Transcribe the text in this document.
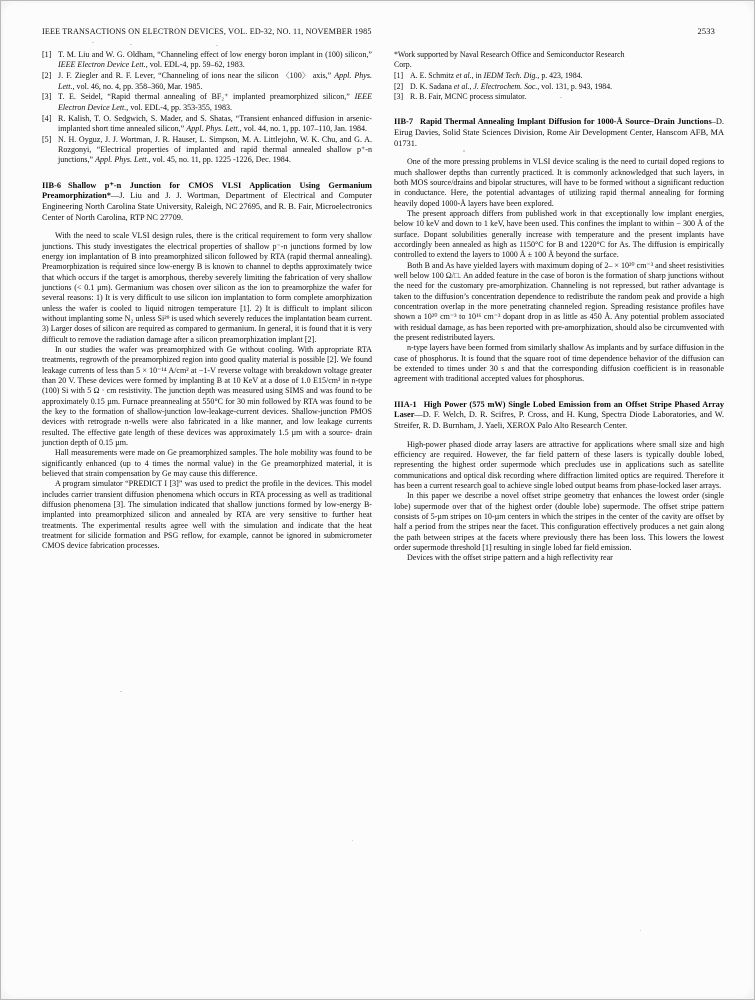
IEEE TRANSACTIONS ON ELECTRON DEVICES, VOL. ED-32, NO. 11, NOVEMBER 1985	2533
[1] T. M. Liu and W. G. Oldham, “Channeling effect of low energy boron implant in (100) silicon,” IEEE Electron Device Lett., vol. EDL-4, pp. 59–62, 1983.
[2] J. F. Ziegler and R. F. Lever, “Channeling of ions near the silicon 〈100〉 axis,” Appl. Phys. Lett., vol. 46, no. 4, pp. 358–360, Mar. 1985.
[3] T. E. Seidel, “Rapid thermal annealing of BF₂⁺ implanted preamorphized silicon,” IEEE Electron Device Lett., vol. EDL-4, pp. 353-355, 1983.
[4] R. Kalish, T. O. Sedgwich, S. Mader, and S. Shatas, “Transient enhanced diffusion in arsenic-implanted short time annealed silicon,” Appl. Phys. Lett., vol. 44, no. 1, pp. 107–110, Jan. 1984.
[5] N. H. Oyguz, J. J. Wortman, J. R. Hauser, L. Simpson, M. A. Littlejohn, W. K. Chu, and G. A. Rozgonyi, “Electrical properties of implanted and rapid thermal annealed shallow p⁺-n junctions,” Appl. Phys. Lett., vol. 45, no. 11, pp. 1225 -1226, Dec. 1984.

IIB-6 Shallow p⁺-n Junction for CMOS VLSI Application Using Germanium Preamorphization*—J. Liu and J. J. Wortman, Department of Electrical and Computer Engineering North Carolina State University, Raleigh, NC 27695, and R. B. Fair, Microelectronics Center of North Carolina, RTP NC 27709.

With the need to scale VLSI design rules, there is the critical requirement to form very shallow junctions. This study investigates the electrical properties of shallow p⁻-n junctions formed by low energy ion implantation of B into preamorphized silicon followed by RTA (rapid thermal annealing). Preamorphization is required since low-energy B is known to channel to depths approximately twice that which occurs if the target is amorphous, thereby severely limiting the fabrication of very shallow junctions (< 0.1 µm). Germanium was chosen over silicon as the ion to preamorphize the wafer for several reasons: 1) It is very difficult to use silicon ion implantation to form complete amorphization unless the wafer is cooled to liquid nitrogen temperature [1]. 2) It is difficult to implant silicon without implanting some N₂ unless Si²⁹ is used which severely reduces the implantation beam current. 3) Larger doses of silicon are required as compared to germanium. In general, it is found that it is very difficult to remove the radiation damage after a silicon preamorphization implant [2].

In our studies the wafer was preamorphized with Ge without cooling. With appropriate RTA treatments, regrowth of the preamorphized region into good quality material is possible [2]. We found leakage currents of less than 5 × 10⁻¹⁴ A/cm² at −1-V reverse voltage with breakdown voltage greater than 20 V. These devices were formed by implanting B at 10 KeV at a dose of 1.0 E15/cm² in n-type (100) Si with 5 Ω · cm resistivity. The junction depth was measured using SIMS and was found to be approximately 0.15 µm. Furnace preannealing at 550°C for 30 min followed by RTA was found to be the key to the formation of shallow-junction low-leakage-current devices. Shallow-junction PMOS devices with retrograde n-wells were also fabricated in a like manner, and low leakage currents resulted. The effective gate length of these devices was approximately 1.5 µm with a source- drain junction depth of 0.15 µm.

Hall measurements were made on Ge preamorphized samples. The hole mobility was found to be significantly enhanced (up to 4 times the normal value) in the Ge preamorphized material, it is believed that strain compensation by Ge may cause this difference.

A program simulator “PREDICT I [3]” was used to predict the profile in the devices. This model includes carrier transient diffusion phenomena which occurs in RTA processing as well as traditional diffusion phenomena [3]. The simulation indicated that shallow junctions formed by low-energy B-implanted into preamorphized silicon and annealed by RTA are very sensitive to further heat treatments. The experimental results agree well with the simulation and indicate that the heat treatment for silicide formation and PSG reflow, for example, cannot be ignored in submicrometer CMOS device fabrication processes.

*Work supported by Naval Research Office and Semiconductor Research
Corp.
[1] A. E. Schmitz et al., in IEDM Tech. Dig., p. 423, 1984.
[2] D. K. Sadana et al., J. Electrochem. Soc., vol. 131, p. 943, 1984.
[3] R. B. Fair, MCNC process simulator.

IIB-7 Rapid Thermal Annealing Implant Diffusion for 1000-Å Source–Drain Junctions–D. Eirug Davies, Solid State Sciences Division, Rome Air Development Center, Hanscom AFB, MA 01731.

One of the more pressing problems in VLSI device scaling is the need to curtail doped regions to much shallower depths than currently practiced. It is commonly acknowledged that such layers, in both MOS source/drains and bipolar structures, will have to be formed without a significant reduction in conductance. Here, the potential advantages of utilizing rapid thermal annealing for forming heavily doped 1000-Å layers have been explored.

The present approach differs from published work in that exceptionally low implant energies, below 10 keV and down to 1 keV, have been used. This confines the implant to within − 300 Å of the surface. Dopant solubilities generally increase with temperature and the present implants have accordingly been annealed as high as 1150°C for B and 1220°C for As. The diffusion is empirically controlled to extend the layers to 1000 Å ± 100 Å beyond the surface.

Both B and As have yielded layers with maximum doping of 2– × 10²⁰ cm⁻³ and sheet resistivities well below 100 Ω/□. An added feature in the case of boron is the formation of sharp junctions without the need for the customary pre-amorphization. Channeling is not repressed, but rather advantage is taken to the diffusion’s concentration dependence to redistribute the random peak and provide a high concentration overlap in the more penetrating channeled region. Spreading resistance profiles have shown a 10²⁰ cm⁻³ to 10¹⁶ cm⁻³ dopant drop in as little as 450 Å. Any potential problem associated with residual damage, as has been reported with pre-amorphization, should also be circumvented with the present redistributed layers.

n-type layers have been formed from similarly shallow As implants and by surface diffusion in the case of phosphorus. It is found that the square root of time dependence behavior of the diffusion can be extended to times under 30 s and that the corresponding diffusion coefficient is in reasonable agreement with traditional accepted values for phosphorus.

IIIA-1 High Power (575 mW) Single Lobed Emission from an Offset Stripe Phased Array Laser—D. F. Welch, D. R. Scifres, P. Cross, and H. Kung, Spectra Diode Laboratories, and W. Streifer, R. D. Burnham, J. Yaeli, XEROX Palo Alto Research Center.

High-power phased diode array lasers are attractive for applications where small size and high efficiency are required. However, the far field pattern of these lasers is typically double lobed, representing the highest order supermode which precludes use in applications such as satellite communications and optical disk recording where diffraction limited optics are required. Therefore it has been a current research goal to achieve single lobed output beams from phase-locked laser arrays.

In this paper we describe a novel offset stripe geometry that enhances the lowest order (single lobe) supermode over that of the highest order (double lobe) supermode. The offset stripe pattern consists of 5-µm stripes on 10-µm centers in which the stripes in the center of the cavity are offset by half a period from the stripes near the facet. This configuration effectively produces a net gain along the path between stripes at the facets where previously there has been loss. This lowers the lowest order supermode threshold [1] resulting in single lobed far field emission.

Devices with the offset stripe pattern and a high reflectivity rear
